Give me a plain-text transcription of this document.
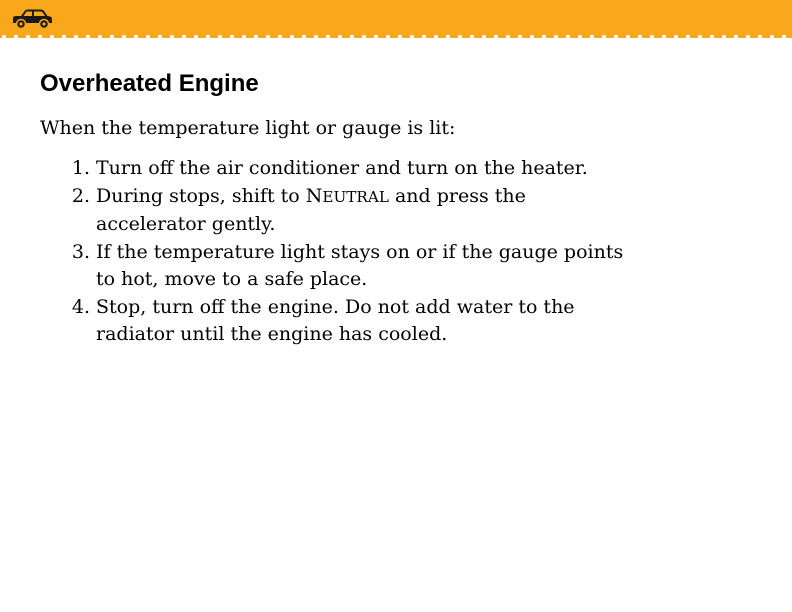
Overheated Engine

When the temperature light or gauge is lit:

1. Turn off the air conditioner and turn on the heater.
2. During stops, shift to NEUTRAL and press the
accelerator gently.
3. If the temperature light stays on or if the gauge points
to hot, move to a safe place.
4. Stop, turn off the engine. Do not add water to the
radiator until the engine has cooled.
